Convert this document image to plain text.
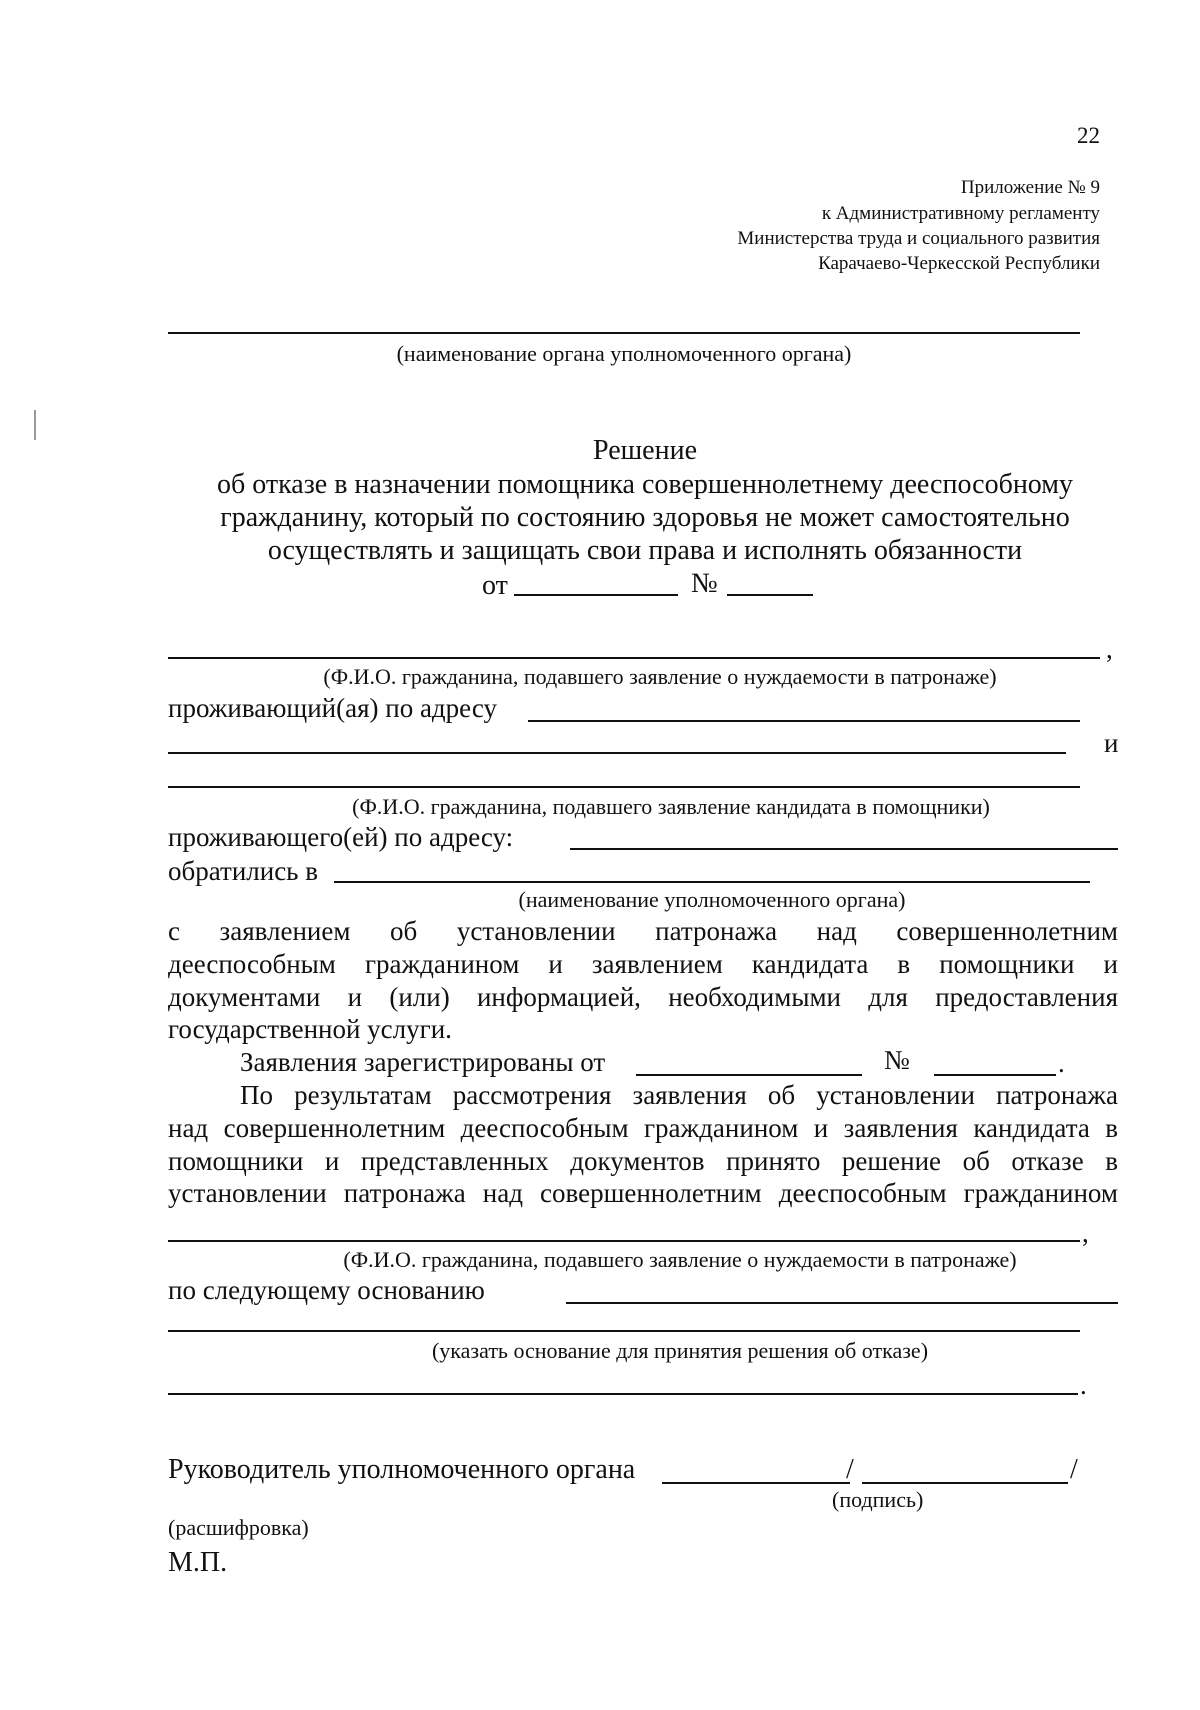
22
Приложение № 9
к Административному регламенту
Министерства труда и социального развития
Карачаево-Черкесской Республики
(наименование органа уполномоченного органа)
Решение
об отказе в назначении помощника совершеннолетнему дееспособному
гражданину, который по состоянию здоровья не может самостоятельно
осуществлять и защищать свои права и исполнять обязанности
от	№
,
(Ф.И.О. гражданина, подавшего заявление о нуждаемости в патронаже)
проживающий(ая) по адресу
и
(Ф.И.О. гражданина, подавшего заявление кандидата в помощники)
проживающего(ей) по адресу:
обратились в
(наименование уполномоченного органа)
с заявлением об установлении патронажа над совершеннолетним
дееспособным гражданином и заявлением кандидата в помощники и
документами и (или) информацией, необходимыми для предоставления
государственной услуги.
Заявления зарегистрированы от	№	.
По результатам рассмотрения заявления об установлении патронажа
над совершеннолетним дееспособным гражданином и заявления кандидата в
помощники и представленных документов принято решение об отказе в
установлении патронажа над совершеннолетним дееспособным гражданином
,
(Ф.И.О. гражданина, подавшего заявление о нуждаемости в патронаже)
по следующему основанию
(указать основание для принятия решения об отказе)
.
Руководитель уполномоченного органа	/	/
(подпись)
(расшифровка)
М.П.
